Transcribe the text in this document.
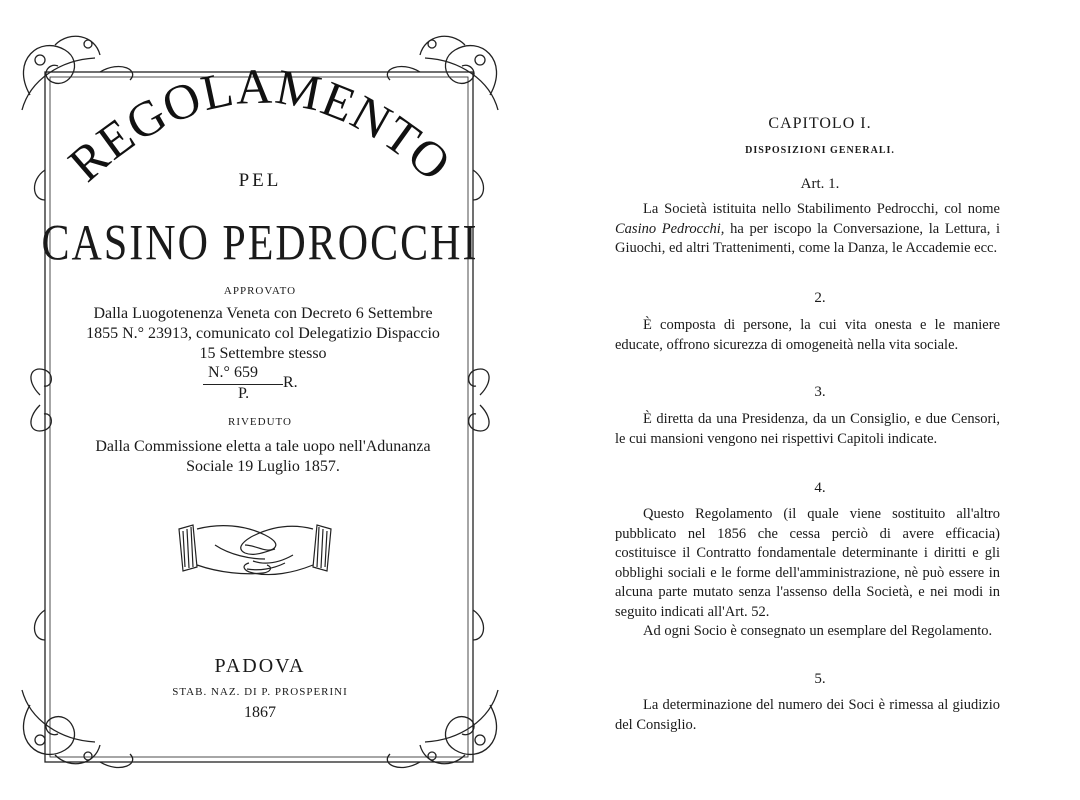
REGOLAMENTO
PEL
CASINO PEDROCCHI
APPROVATO
Dalla Luogotenenza Veneta con Decreto 6 Settembre
1855 N.° 23913, comunicato col Delegatizio Dispaccio
15 Settembre stesso
N.° 659
P.
R.
RIVEDUTO
Dalla Commissione eletta a tale uopo nell'Adunanza
Sociale 19 Luglio 1857.
PADOVA
STAB. NAZ. DI P. PROSPERINI
1867
CAPITOLO I.
DISPOSIZIONI GENERALI.
Art. 1.
La Società istituita nello Stabilimento Pedrocchi, col nome Casino Pedrocchi, ha per iscopo la Conversazione, la Lettura, i Giuochi, ed altri Trattenimenti, come la Danza, le Accademie ecc.
2.
È composta di persone, la cui vita onesta e le maniere educate, offrono sicurezza di omogeneità nella vita sociale.
3.
È diretta da una Presidenza, da un Consiglio, e due Censori, le cui mansioni vengono nei rispettivi Capitoli indicate.
4.
Questo Regolamento (il quale viene sostituito all'altro pubblicato nel 1856 che cessa perciò di avere efficacia) costituisce il Contratto fondamentale determinante i diritti e gli obblighi sociali e le forme dell'amministrazione, nè può essere in alcuna parte mutato senza l'assenso della Società, e nei modi in seguito indicati all'Art. 52.
Ad ogni Socio è consegnato un esemplare del Regolamento.
5.
La determinazione del numero dei Soci è rimessa al giudizio del Consiglio.
